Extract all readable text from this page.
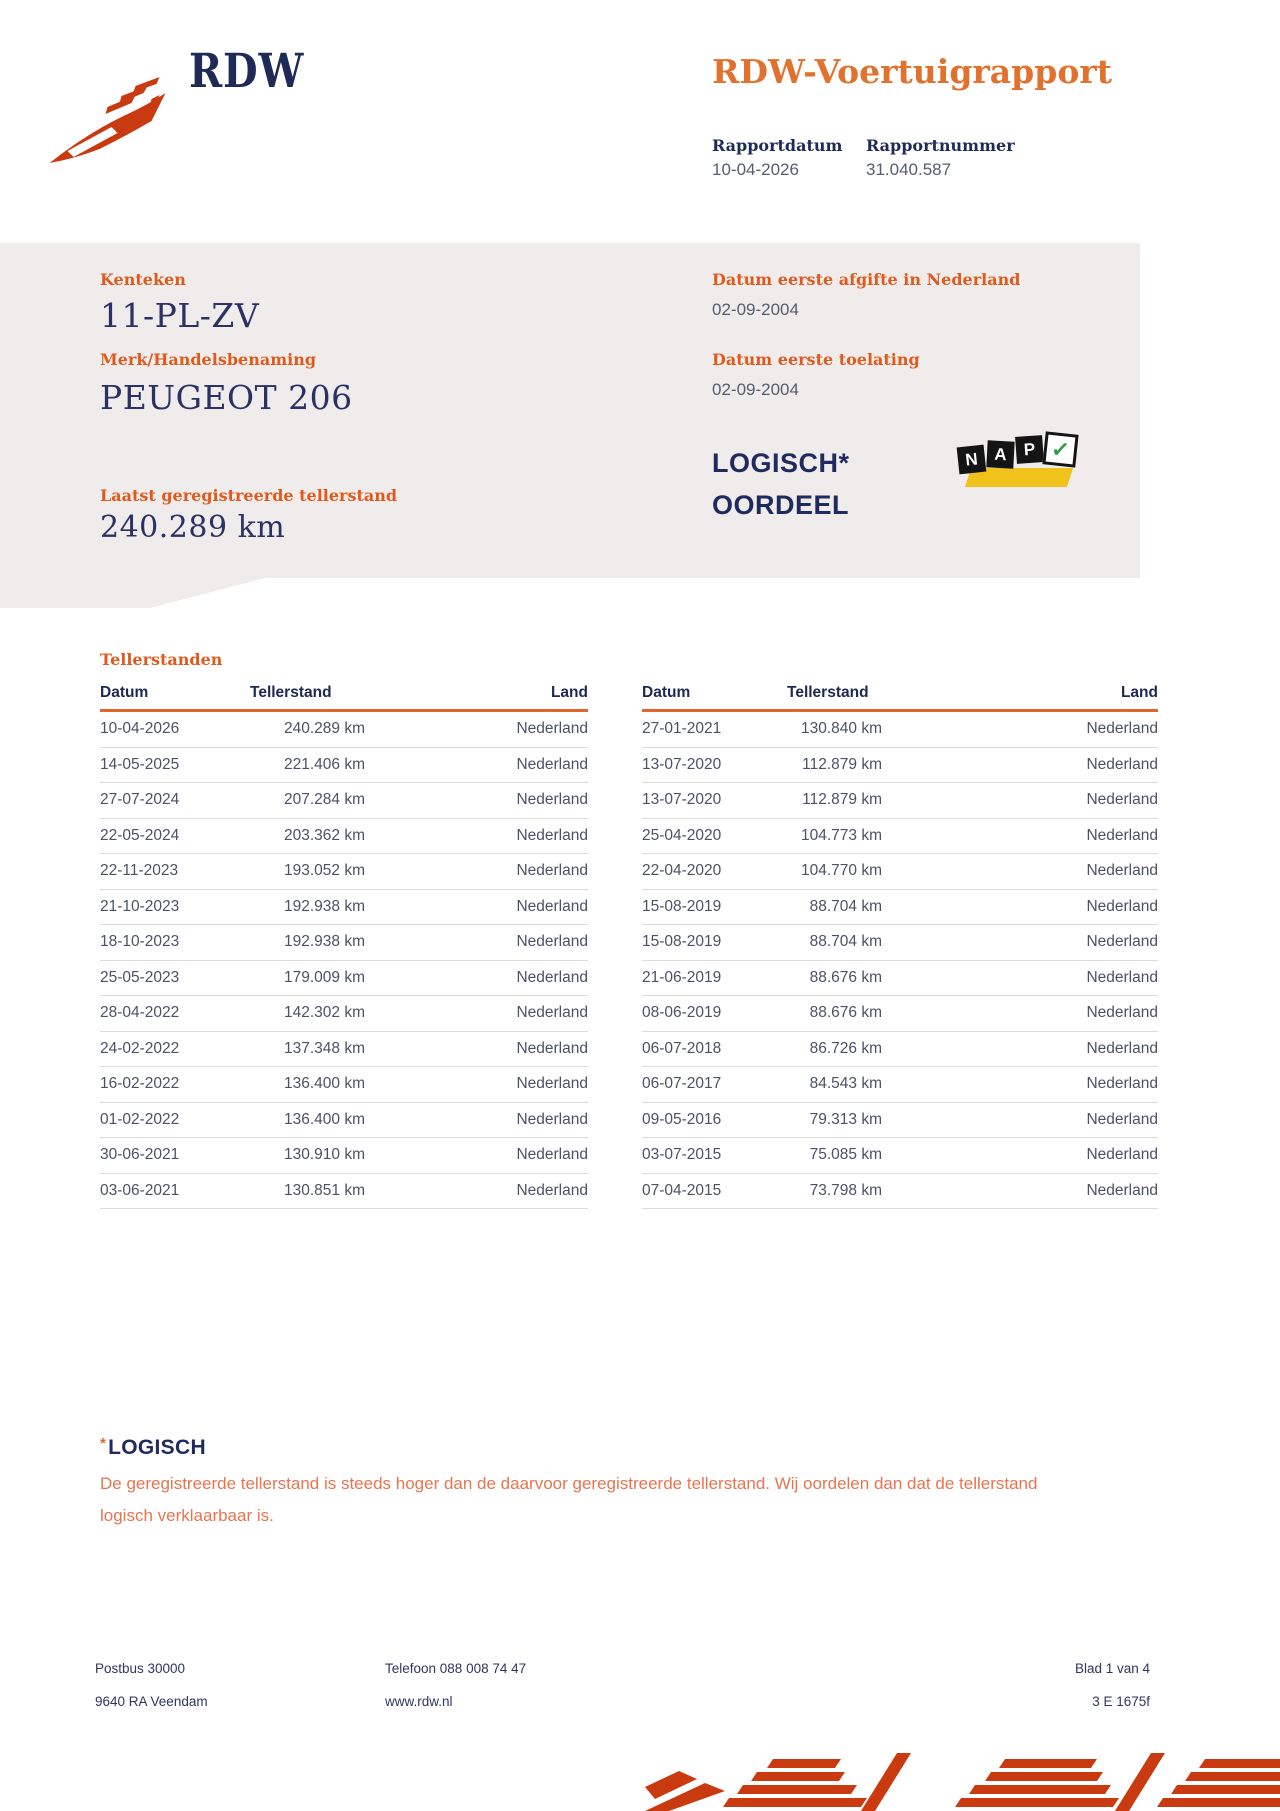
RDW	RDW-Voertuigrapport
Rapportdatum Rapportnummer
10-04-2026	31.040.587
Kenteken
11-PL-ZV
Merk/Handelsbenaming
PEUGEOT 206
Laatst geregistreerde tellerstand
240.289 km
Datum eerste afgifte in Nederland
02-09-2004
Datum eerste toelating
02-09-2004
LOGISCH*
OORDEEL
N A P ✓
Tellerstanden
Datum	Tellerstand	Land
10-04-2026	240.289 km	Nederland
14-05-2025	221.406 km	Nederland
27-07-2024	207.284 km	Nederland
22-05-2024	203.362 km	Nederland
22-11-2023	193.052 km	Nederland
21-10-2023	192.938 km	Nederland
18-10-2023	192.938 km	Nederland
25-05-2023	179.009 km	Nederland
28-04-2022	142.302 km	Nederland
24-02-2022	137.348 km	Nederland
16-02-2022	136.400 km	Nederland
01-02-2022	136.400 km	Nederland
30-06-2021	130.910 km	Nederland
03-06-2021	130.851 km	Nederland
Datum	Tellerstand	Land
27-01-2021	130.840 km	Nederland
13-07-2020	112.879 km	Nederland
13-07-2020	112.879 km	Nederland
25-04-2020	104.773 km	Nederland
22-04-2020	104.770 km	Nederland
15-08-2019	88.704 km	Nederland
15-08-2019	88.704 km	Nederland
21-06-2019	88.676 km	Nederland
08-06-2019	88.676 km	Nederland
06-07-2018	86.726 km	Nederland
06-07-2017	84.543 km	Nederland
09-05-2016	79.313 km	Nederland
03-07-2015	75.085 km	Nederland
07-04-2015	73.798 km	Nederland
*LOGISCH
De geregistreerde tellerstand is steeds hoger dan de daarvoor geregistreerde tellerstand. Wij oordelen dan dat de tellerstand logisch verklaarbaar is.
Postbus 30000
9640 RA Veendam
Telefoon 088 008 74 47
www.rdw.nl
Blad 1 van 4
3 E 1675f
